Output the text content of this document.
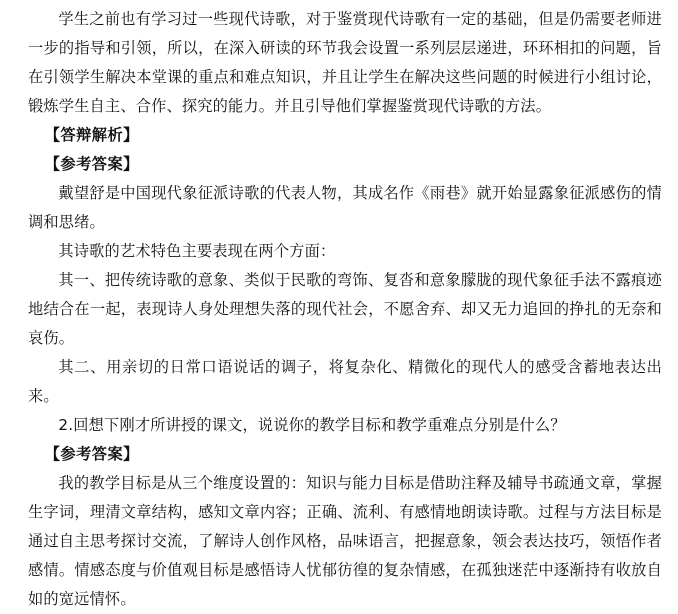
学生之前也有学习过一些现代诗歌，对于鉴赏现代诗歌有一定的基础，但是仍需要老师进一步的指导和引领，所以，在深入研读的环节我会设置一系列层层递进，环环相扣的问题，旨在引领学生解决本堂课的重点和难点知识，并且让学生在解决这些问题的时候进行小组讨论，锻炼学生自主、合作、探究的能力。并且引导他们掌握鉴赏现代诗歌的方法。

【答辩解析】

【参考答案】

戴望舒是中国现代象征派诗歌的代表人物，其成名作《雨巷》就开始显露象征派感伤的情调和思绪。

其诗歌的艺术特色主要表现在两个方面：

其一、把传统诗歌的意象、类似于民歌的弯饰、复沓和意象朦胧的现代象征手法不露痕迹地结合在一起，表现诗人身处理想失落的现代社会，不愿舍弃、却又无力追回的挣扎的无奈和哀伤。

其二、用亲切的日常口语说话的调子，将复杂化、精微化的现代人的感受含蓄地表达出来。

2.回想下刚才所讲授的课文，说说你的教学目标和教学重难点分别是什么？

【参考答案】

我的教学目标是从三个维度设置的：知识与能力目标是借助注释及辅导书疏通文章，掌握生字词，理清文章结构，感知文章内容；正确、流利、有感情地朗读诗歌。过程与方法目标是通过自主思考探讨交流，了解诗人创作风格，品味语言，把握意象，领会表达技巧，领悟作者感情。情感态度与价值观目标是感悟诗人忧郁彷徨的复杂情感，在孤独迷茫中逐渐持有收放自如的宽远情怀。
